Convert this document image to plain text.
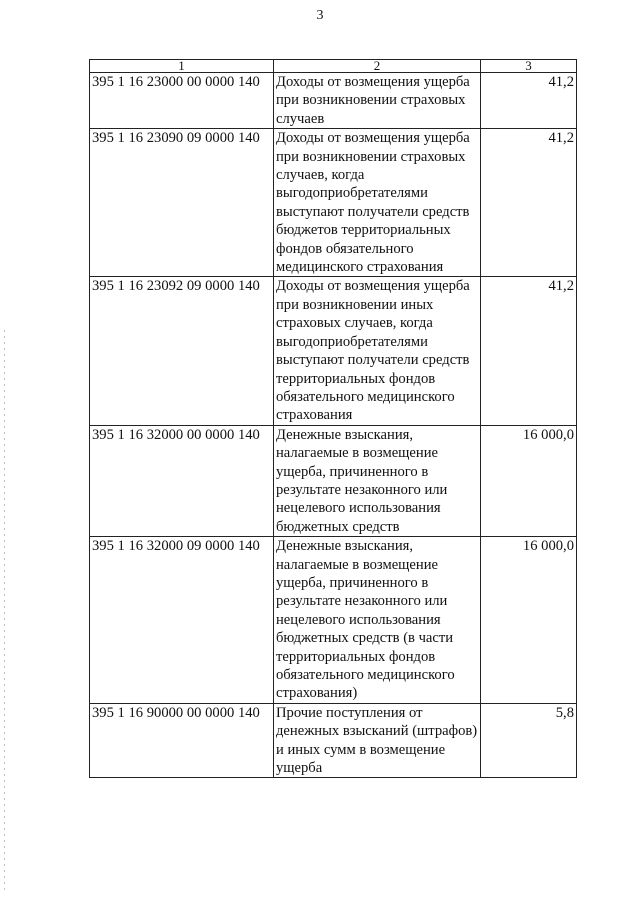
3
1	2	3
395 1 16 23000 00 0000 140	Доходы от возмещения ущерба при возникновении страховых случаев	41,2
395 1 16 23090 09 0000 140	Доходы от возмещения ущерба при возникновении страховых случаев, когда выгодоприобретателями выступают получатели средств бюджетов территориальных фондов обязательного медицинского страхования	41,2
395 1 16 23092 09 0000 140	Доходы от возмещения ущерба при возникновении иных страховых случаев, когда выгодоприобретателями выступают получатели средств территориальных фондов обязательного медицинского страхования	41,2
395 1 16 32000 00 0000 140	Денежные взыскания, налагаемые в возмещение ущерба, причиненного в результате незаконного или нецелевого использования бюджетных средств	16 000,0
395 1 16 32000 09 0000 140	Денежные взыскания, налагаемые в возмещение ущерба, причиненного в результате незаконного или нецелевого использования бюджетных средств (в части территориальных фондов обязательного медицинского страхования)	16 000,0
395 1 16 90000 00 0000 140	Прочие поступления от денежных взысканий (штрафов) и иных сумм в возмещение ущерба	5,8
